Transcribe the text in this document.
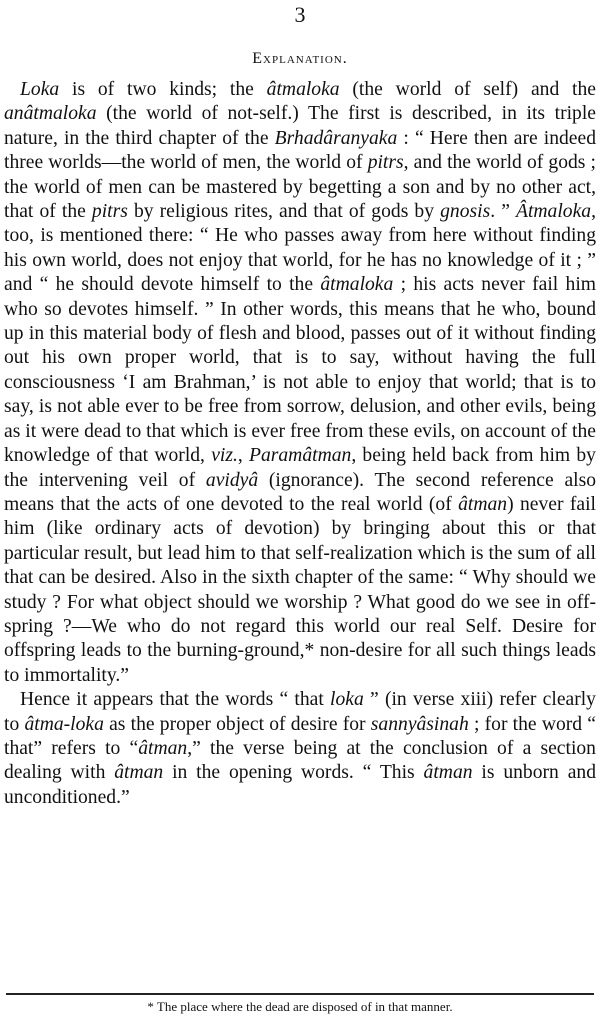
3
Explanation.

Loka is of two kinds; the âtmaloka (the world of self) and the anâtmaloka (the world of not-self.) The first is described, in its triple nature, in the third chapter of the Brhadâranyaka : “ Here then are indeed three worlds—the world of men, the world of pitrs, and the world of gods ; the world of men can be mastered by begetting a son and by no other act, that of the pitrs by religious rites, and that of gods by gnosis. ” Âtmaloka, too, is mentioned there: “ He who passes away from here without finding his own world, does not enjoy that world, for he has no knowledge of it ; ” and “ he should devote himself to the âtmaloka ; his acts never fail him who so devotes himself. ” In other words, this means that he who, bound up in this material body of flesh and blood, passes out of it without finding out his own proper world, that is to say, without having the full consciousness ‘I am Brahman,’ is not able to enjoy that world; that is to say, is not able ever to be free from sorrow, delusion, and other evils, being as it were dead to that which is ever free from these evils, on account of the knowledge of that world, viz., Paramâtman, being held back from him by the intervening veil of avidyâ (ignorance). The second reference also means that the acts of one devoted to the real world (of âtman) never fail him (like ordinary acts of devotion) by bringing about this or that particular result, but lead him to that self-realization which is the sum of all that can be desired. Also in the sixth chapter of the same: “ Why should we study ? For what object should we worship ? What good do we see in off-spring ?—We who do not regard this world our real Self. Desire for offspring leads to the burning-ground,* non-desire for all such things leads to immortality.”

Hence it appears that the words “ that loka ” (in verse xiii) refer clearly to âtma-loka as the proper object of desire for sannyâsinah ; for the word “ that” refers to “âtman,” the verse being at the conclusion of a section dealing with âtman in the opening words. “ This âtman is unborn and unconditioned.”

* The place where the dead are disposed of in that manner.
